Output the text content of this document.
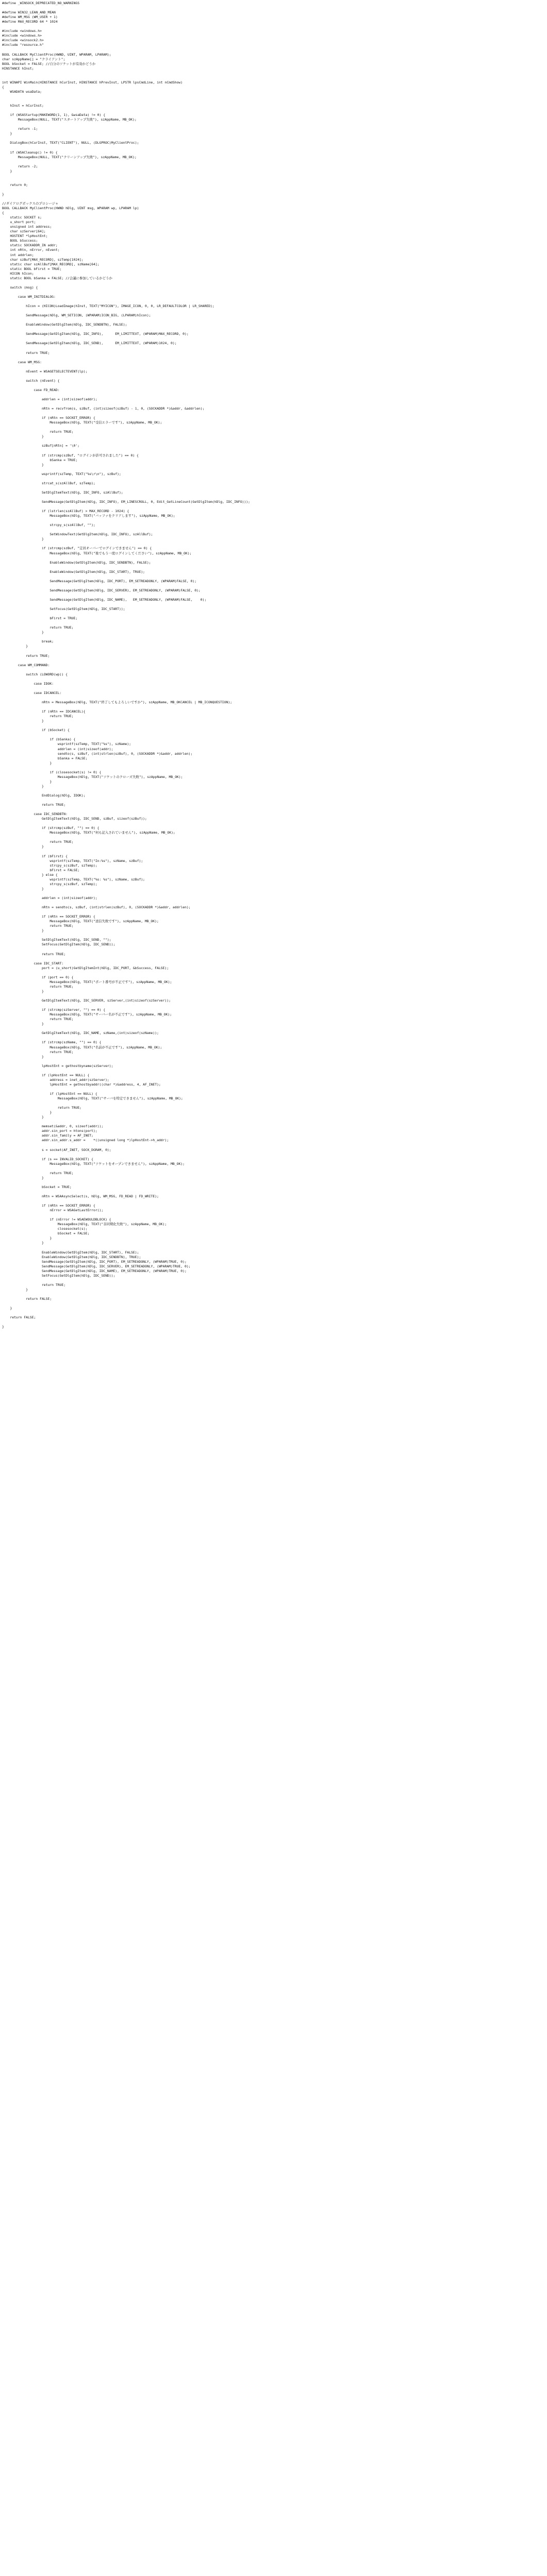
#define _WINSOCK_DEPRECATED_NO_WARNINGS

#define WIN32_LEAN_AND_MEAN
#define WM_MSG (WM_USER + 1)
#define MAX_RECORD 64 * 1024

#include <windows.h>
#include <windows.h>
#include <winsock2.h>
#include "resource.h"

BOOL CALLBACK MyClientProc(HWND, UINT, WPARAM, LPARAM);
char szAppName[] = "クライアント";
BOOL bSocket = FALSE; //自分のソケットが有効かどうか
HINSTANCE hInst;

int WINAPI WinMain(HINSTANCE hCurInst, HINSTANCE hPrevInst, LPSTR lpsCmdLine, int nCmdShow)
{
WSADATA wsaData;

hInst = hCurInst;

if (WSAStartup(MAKEWORD(1, 1), &wsaData) != 0) {
MessageBox(NULL, TEXT("スタートアップ失敗"), szAppName, MB_OK);

return -1;
}

DialogBox(hCurInst, TEXT("CLIENT"), NULL, (DLGPROC)MyClientProc);

if (WSACleanup() != 0) {
MessageBox(NULL, TEXT("クリーンアップ失敗"), szAppName, MB_OK);

return -2;
}

return 0;

}

//ダイアログボックスのプロシージャ
BOOL CALLBACK MyClientProc(HWND hDlg, UINT msg, WPARAM wp, LPARAM lp)
{
static SOCKET s;
u_short port;
unsigned int address;
char szServer[64];
HOSTENT *lpHostEnt;
BOOL bSuccess;
static SOCKADDR_IN addr;
int nRtn, nError, nEvent;
int addrlen;
char szBuf[MAX_RECORD], szTemp[1024];
static char szAllBuf[MAX_RECORD], szName[64];
static BOOL bFirst = TRUE;
HICON hIcon;
static BOOL bSanka = FALSE; //会議に参加しているかどうか

switch (msg) {

case WM_INITDIALOG:

hIcon = (HICON)LoadImage(hInst, TEXT("MYICON"), IMAGE_ICON, 0, 0, LR_DEFAULTCOLOR | LR_SHARED);

SendMessage(hDlg, WM_SETICON, (WPARAM)ICON_BIG, (LPARAM)hIcon);

EnableWindow(GetDlgItem(hDlg, IDC_SENDBTN), FALSE);

SendMessage(GetDlgItem(hDlg, IDC_INFO),      EM_LIMITTEXT, (WPARAM)MAX_RECORD, 0);

SendMessage(GetDlgItem(hDlg, IDC_SEND),      EM_LIMITTEXT, (WPARAM)1024, 0);

return TRUE;

case WM_MSG:

nEvent = WSAGETSELECTEVENT(lp);

switch (nEvent) {

case FD_READ:

addrlen = (int)sizeof(addr);

nRtn = recvfrom(s, szBuf, (int)sizeof(szBuf) - 1, 0, (SOCKADDR *)&addr, &addrlen);

if (nRtn == SOCKET_ERROR) {
MessageBox(hDlg, TEXT("受信エラーです"), szAppName, MB_OK);

return TRUE;
}

szBuf[nRtn] = '\0';

if (strcmp(szBuf, "ログインが許可されました") == 0) {
bSanka = TRUE;
}

wsprintf(szTemp, TEXT("%s\r\n"), szBuf);

strcat_s(szAllBuf, szTemp);

SetDlgItemText(hDlg, IDC_INFO, szAllBuf);

SendMessage(GetDlgItem(hDlg, IDC_INFO), EM_LINESCROLL, 0, Edit_GetLineCount(GetDlgItem(hDlg, IDC_INFO)));

if (lstrlen(szAllBuf) > MAX_RECORD - 1024) {
MessageBox(hDlg, TEXT("バッファをクリアします"), szAppName, MB_OK);

strcpy_s(szAllBuf, "");

SetWindowText(GetDlgItem(hDlg, IDC_INFO), szAllBuf);
}

if (strcmp(szBuf, "定員オーバーでログインできません") == 0) {
MessageBox(hDlg, TEXT("後でもう一度ログインしてください"), szAppName, MB_OK);

EnableWindow(GetDlgItem(hDlg, IDC_SENDBTN), FALSE);

EnableWindow(GetDlgItem(hDlg, IDC_START), TRUE);

SendMessage(GetDlgItem(hDlg, IDC_PORT), EM_SETREADONLY, (WPARAM)FALSE, 0);

SendMessage(GetDlgItem(hDlg, IDC_SERVER), EM_SETREADONLY, (WPARAM)FALSE, 0);

SendMessage(GetDlgItem(hDlg, IDC_NAME),   EM_SETREADONLY, (WPARAM)FALSE,    0);

SetFocus(GetDlgItem(hDlg, IDC_START));

bFirst = TRUE;

return TRUE;
}

break;
}

return TRUE;

case WM_COMMAND:

switch (LOWORD(wp)) {

case IDOK:

case IDCANCEL:

nRtn = MessageBox(hDlg, TEXT("終了してもよろしいですか"), szAppName, MB_OKCANCEL | MB_ICONQUESTION);

if (nRtn == IDCANCEL){
return TRUE;
}

if (bSocket) {

if (bSanka) {
wsprintf(szTemp, TEXT("%s"), szName);
addrlen = (int)sizeof(addr);
sendto(s, szBuf, (int)strlen(szBuf), 0, (SOCKADDR *)&addr, addrlen);
bSanka = FALSE;
}

if (closesocket(s) != 0) {
MessageBox(hDlg, TEXT("ソケットのクローズ失敗"), szAppName, MB_OK);
}
}

EndDialog(hDlg, IDOK);

return TRUE;

case IDC_SENDBTN:
GetDlgItemText(hDlg, IDC_SEND, szBuf, sizeof(szBuf));

if (strcmp(szBuf, "") == 0) {
MessageBox(hDlg, TEXT("何も記入されていません"), szAppName, MB_OK);

return TRUE;
}

if (bFirst) {
wsprintf(szTemp, TEXT("In:%s"), szName, szBuf);
strcpy_s(szBuf, szTemp);
bFirst = FALSE;
} else {
wsprintf(szTemp, TEXT("%s: %s"), szName, szBuf);
strcpy_s(szBuf, szTemp);
}

addrlen = (int)sizeof(addr);

nRtn = sendto(s, szBuf, (int)strlen(szBuf), 0, (SOCKADDR *)&addr, addrlen);

if (nRtn == SOCKET_ERROR) {
MessageBox(hDlg, TEXT("送信失敗です"), szAppName, MB_OK);
return TRUE;
}

SetDlgItemText(hDlg, IDC_SEND, "");
SetFocus(GetDlgItem(hDlg, IDC_SEND));

return TRUE;

case IDC_START:
port = (u_short)GetDlgItemInt(hDlg, IDC_PORT, &bSuccess, FALSE);

if (port == 0) {
MessageBox(hDlg, TEXT("ポート番号が不正です"), szAppName, MB_OK);
return TRUE;
}

GetDlgItemText(hDlg, IDC_SERVER, szServer,(int)sizeof(szServer));

if (strcmp(szServer, "") == 0) {
MessageBox(hDlg, TEXT("サーバー名が不正です"), szAppName, MB_OK);
return TRUE;
}

GetDlgItemText(hDlg, IDC_NAME, szName,(int)sizeof(szName));

if (strcmp(szName, "") == 0) {
MessageBox(hDlg, TEXT("名前が不正です"), szAppName, MB_OK);
return TRUE;
}

lpHostEnt = gethostbyname(szServer);

if (lpHostEnt == NULL) {
address = inet_addr(szServer);
lpHostEnt = gethostbyaddr((char *)&address, 4, AF_INET);

if (lpHostEnt == NULL) {
MessageBox(hDlg, TEXT("サーバを特定できません"), szAppName, MB_OK);

return TRUE;
}
}

memset(&addr, 0, sizeof(addr));
addr.sin_port = htons(port);
addr.sin_family = AF_INET;
addr.sin_addr.s_addr =    *((unsigned long *)lpHostEnt->h_addr);

s = socket(AF_INET, SOCK_DGRAM, 0);

if (s == INVALID_SOCKET) {
MessageBox(hDlg, TEXT("ソケットをオープンできません"), szAppName, MB_OK);

return TRUE;
}

bSocket = TRUE;

nRtn = WSAAsyncSelect(s, hDlg, WM_MSG, FD_READ | FD_WRITE);

if (nRtn == SOCKET_ERROR) {
nError = WSAGetLastError();

if (nError != WSAEWOULDBLOCK) {
MessageBox(hDlg, TEXT("非同期化失敗"), szAppName, MB_OK);
closesocket(s);
bSocket = FALSE;
}
}

EnableWindow(GetDlgItem(hDlg, IDC_START), FALSE);
EnableWindow(GetDlgItem(hDlg, IDC_SENDBTN), TRUE);
SendMessage(GetDlgItem(hDlg, IDC_PORT), EM_SETREADONLY, (WPARAM)TRUE, 0);
SendMessage(GetDlgItem(hDlg, IDC_SERVER), EM_SETREADONLY, (WPARAM)TRUE, 0);
SendMessage(GetDlgItem(hDlg, IDC_NAME), EM_SETREADONLY, (WPARAM)TRUE, 0);
SetFocus(GetDlgItem(hDlg, IDC_SEND));

return TRUE;
}

return FALSE;

}

return FALSE;

}
